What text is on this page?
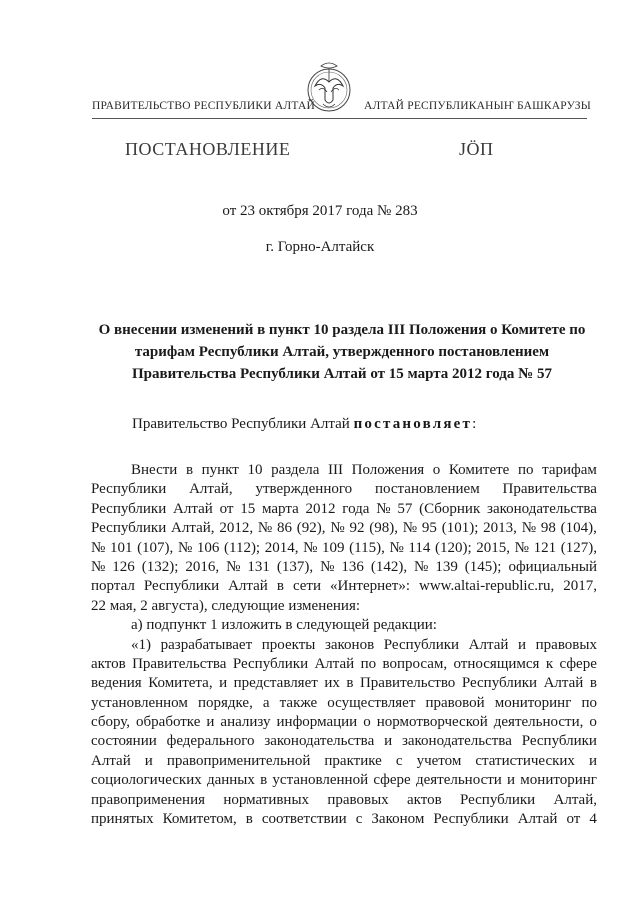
ПРАВИТЕЛЬСТВО РЕСПУБЛИКИ АЛТАЙ	АЛТАЙ РЕСПУБЛИКАНЫҤ БАШКАРУЗЫ
ПОСТАНОВЛЕНИЕ	ЈÖП
от 23 октября 2017 года № 283
г. Горно-Алтайск
О внесении изменений в пункт 10 раздела III Положения о Комитете по
тарифам Республики Алтай, утвержденного постановлением
Правительства Республики Алтай от 15 марта 2012 года № 57
Правительство Республики Алтай постановляет:
Внести в пункт 10 раздела III Положения о Комитете по тарифам
Республики Алтай, утвержденного постановлением Правительства
Республики Алтай от 15 марта 2012 года № 57 (Сборник законодательства
Республики Алтай, 2012, № 86 (92), № 92 (98), № 95 (101); 2013, № 98 (104),
№ 101 (107), № 106 (112); 2014, № 109 (115), № 114 (120); 2015, № 121 (127),
№ 126 (132); 2016, № 131 (137), № 136 (142), № 139 (145); официальный
портал Республики Алтай в сети «Интернет»: www.altai-republic.ru, 2017,
22 мая, 2 августа), следующие изменения:
а) подпункт 1 изложить в следующей редакции:
«1) разрабатывает проекты законов Республики Алтай и правовых
актов Правительства Республики Алтай по вопросам, относящимся к сфере
ведения Комитета, и представляет их в Правительство Республики Алтай в
установленном порядке, а также осуществляет правовой мониторинг по
сбору, обработке и анализу информации о нормотворческой деятельности, о
состоянии федерального законодательства и законодательства Республики
Алтай и правоприменительной практике с учетом статистических и
социологических данных в установленной сфере деятельности и мониторинг
правоприменения нормативных правовых актов Республики Алтай,
принятых Комитетом, в соответствии с Законом Республики Алтай от 4
